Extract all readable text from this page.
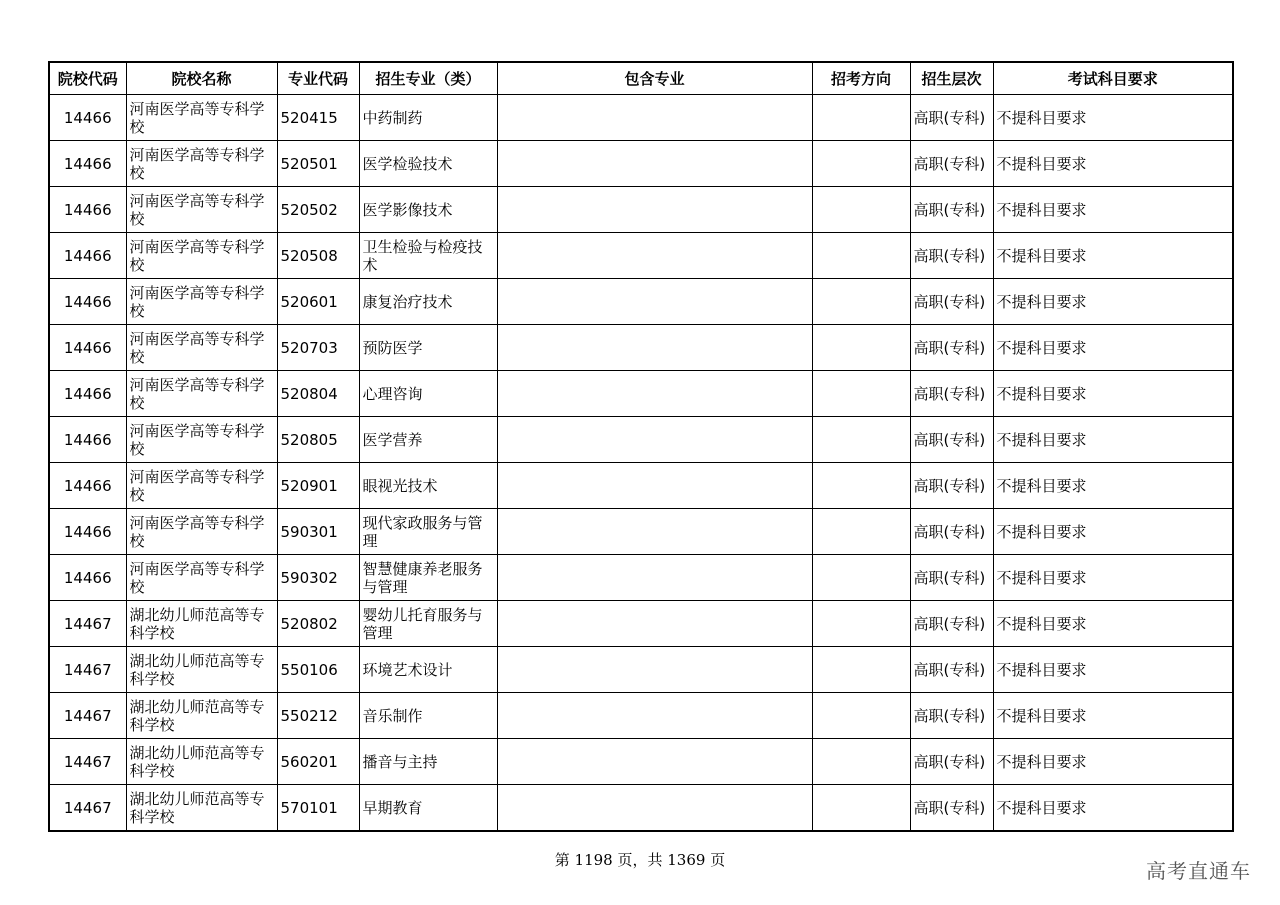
院校代码	院校名称	专业代码	招生专业（类）	包含专业	招考方向	招生层次	考试科目要求
14466	河南医学高等专科学校	520415	中药制药			高职(专科)	不提科目要求
14466	河南医学高等专科学校	520501	医学检验技术			高职(专科)	不提科目要求
14466	河南医学高等专科学校	520502	医学影像技术			高职(专科)	不提科目要求
14466	河南医学高等专科学校	520508	卫生检验与检疫技术			高职(专科)	不提科目要求
14466	河南医学高等专科学校	520601	康复治疗技术			高职(专科)	不提科目要求
14466	河南医学高等专科学校	520703	预防医学			高职(专科)	不提科目要求
14466	河南医学高等专科学校	520804	心理咨询			高职(专科)	不提科目要求
14466	河南医学高等专科学校	520805	医学营养			高职(专科)	不提科目要求
14466	河南医学高等专科学校	520901	眼视光技术			高职(专科)	不提科目要求
14466	河南医学高等专科学校	590301	现代家政服务与管理			高职(专科)	不提科目要求
14466	河南医学高等专科学校	590302	智慧健康养老服务与管理			高职(专科)	不提科目要求
14467	湖北幼儿师范高等专科学校	520802	婴幼儿托育服务与管理			高职(专科)	不提科目要求
14467	湖北幼儿师范高等专科学校	550106	环境艺术设计			高职(专科)	不提科目要求
14467	湖北幼儿师范高等专科学校	550212	音乐制作			高职(专科)	不提科目要求
14467	湖北幼儿师范高等专科学校	560201	播音与主持			高职(专科)	不提科目要求
14467	湖北幼儿师范高等专科学校	570101	早期教育			高职(专科)	不提科目要求
第 1198 页，共 1369 页	高考直通车
